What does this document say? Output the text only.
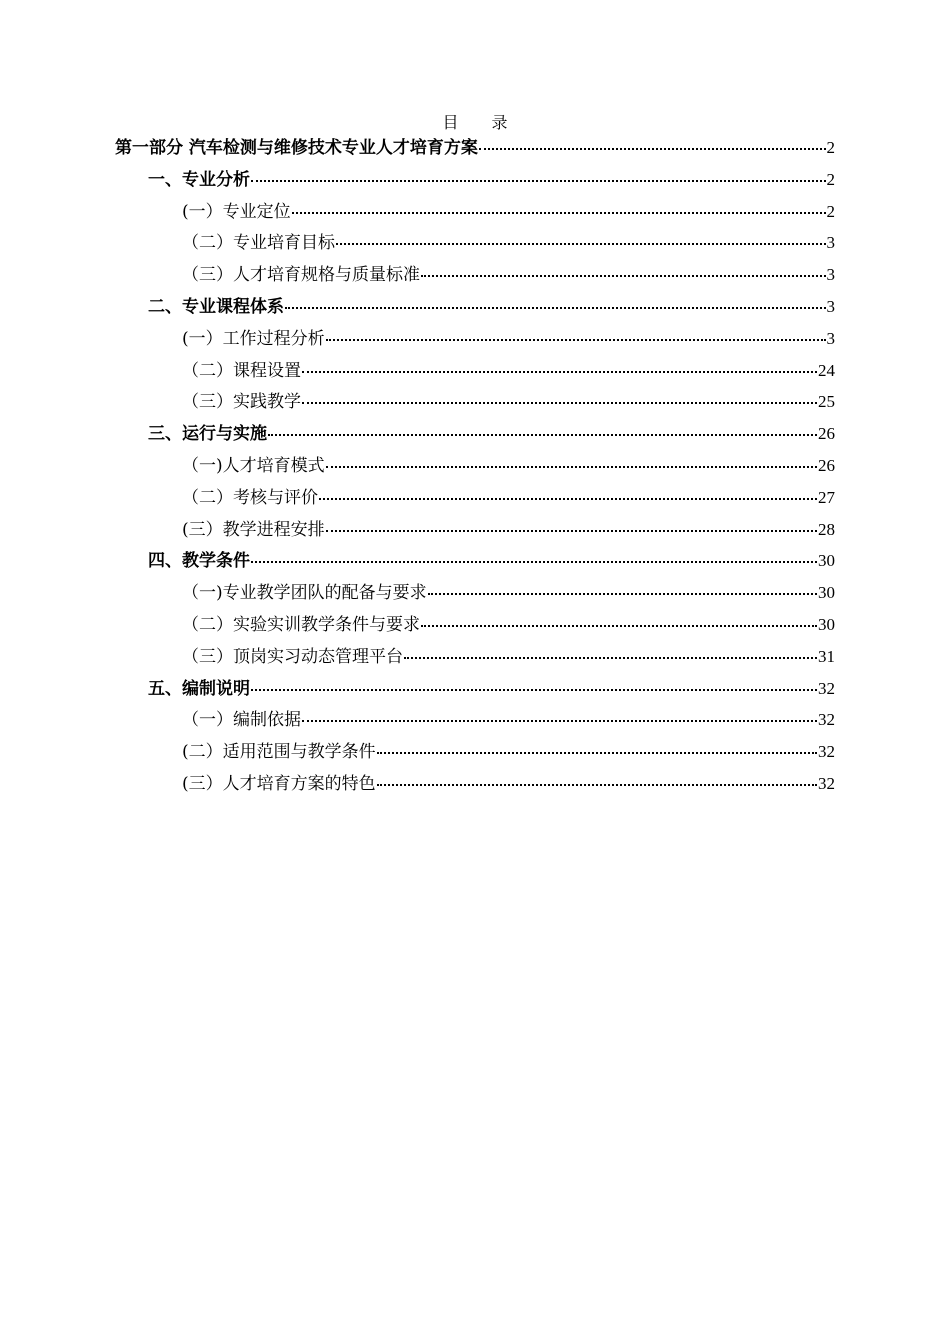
目 录
第一部分 汽车检测与维修技术专业人才培育方案	2
一、专业分析	2
(一）专业定位	2
（二）专业培育目标	3
（三）人才培育规格与质量标准	3
二、专业课程体系	3
(一）工作过程分析	3
（二）课程设置	24
（三）实践教学	25
三、运行与实施	26
（一)人才培育模式	26
（二）考核与评价	27
(三）教学进程安排	28
四、教学条件	30
（一)专业教学团队的配备与要求	30
（二）实验实训教学条件与要求	30
（三）顶岗实习动态管理平台	31
五、编制说明	32
（一）编制依据	32
(二）适用范围与教学条件	32
(三）人才培育方案的特色	32
